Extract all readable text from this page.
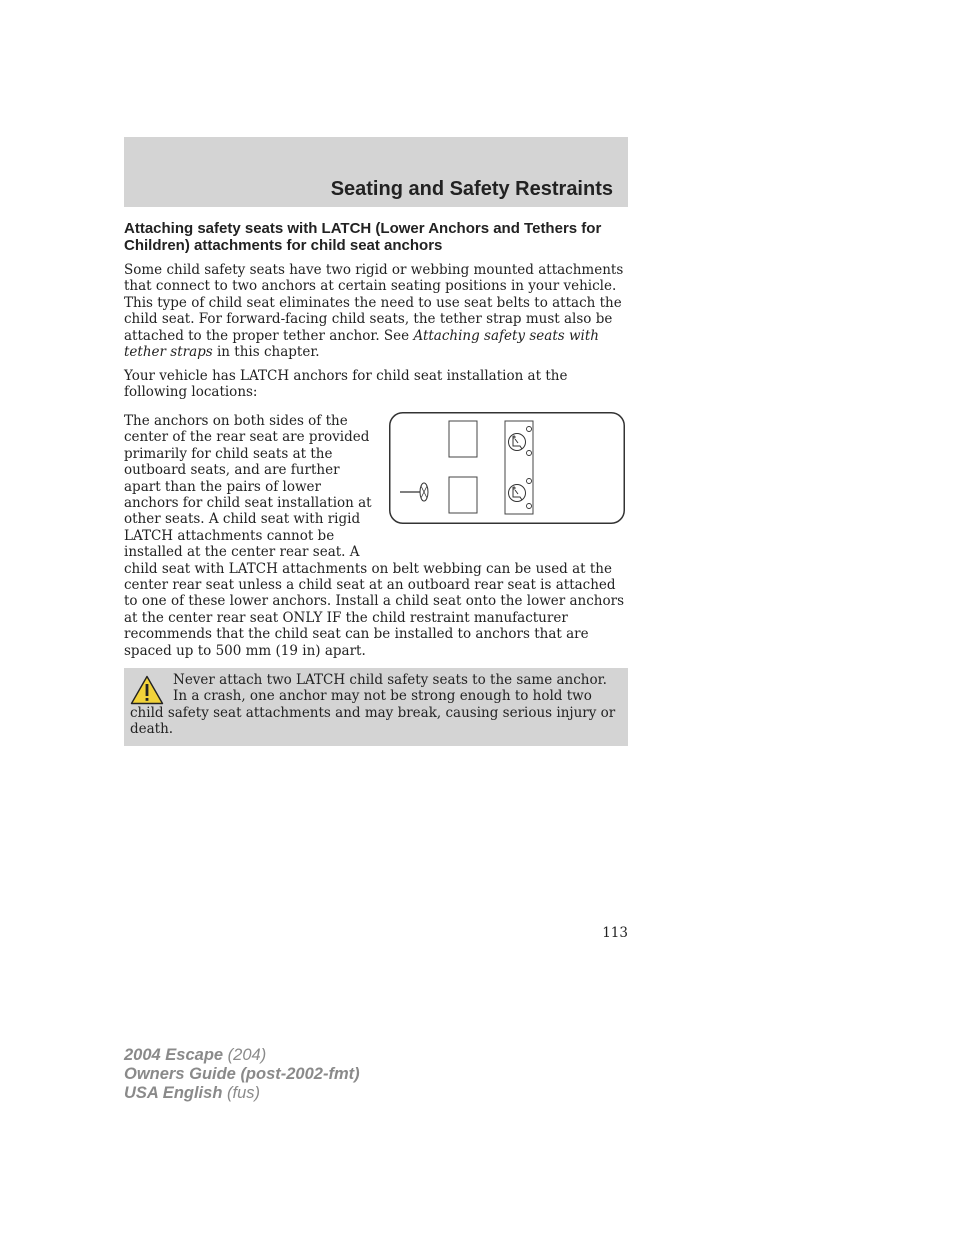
Seating and Safety Restraints
Attaching safety seats with LATCH (Lower Anchors and Tethers for
Children) attachments for child seat anchors

Some child safety seats have two rigid or webbing mounted attachments
that connect to two anchors at certain seating positions in your vehicle.
This type of child seat eliminates the need to use seat belts to attach the
child seat. For forward-facing child seats, the tether strap must also be
attached to the proper tether anchor. See Attaching safety seats with
tether straps in this chapter.

Your vehicle has LATCH anchors for child seat installation at the
following locations:

The anchors on both sides of the
center of the rear seat are provided
primarily for child seats at the
outboard seats, and are further
apart than the pairs of lower
anchors for child seat installation at
other seats. A child seat with rigid
LATCH attachments cannot be
installed at the center rear seat. A
child seat with LATCH attachments on belt webbing can be used at the
center rear seat unless a child seat at an outboard rear seat is attached
to one of these lower anchors. Install a child seat onto the lower anchors
at the center rear seat ONLY IF the child restraint manufacturer
recommends that the child seat can be installed to anchors that are
spaced up to 500 mm (19 in) apart.

Never attach two LATCH child safety seats to the same anchor.
In a crash, one anchor may not be strong enough to hold two
child safety seat attachments and may break, causing serious injury or
death.

113
2004 Escape (204)
Owners Guide (post-2002-fmt)
USA English (fus)
